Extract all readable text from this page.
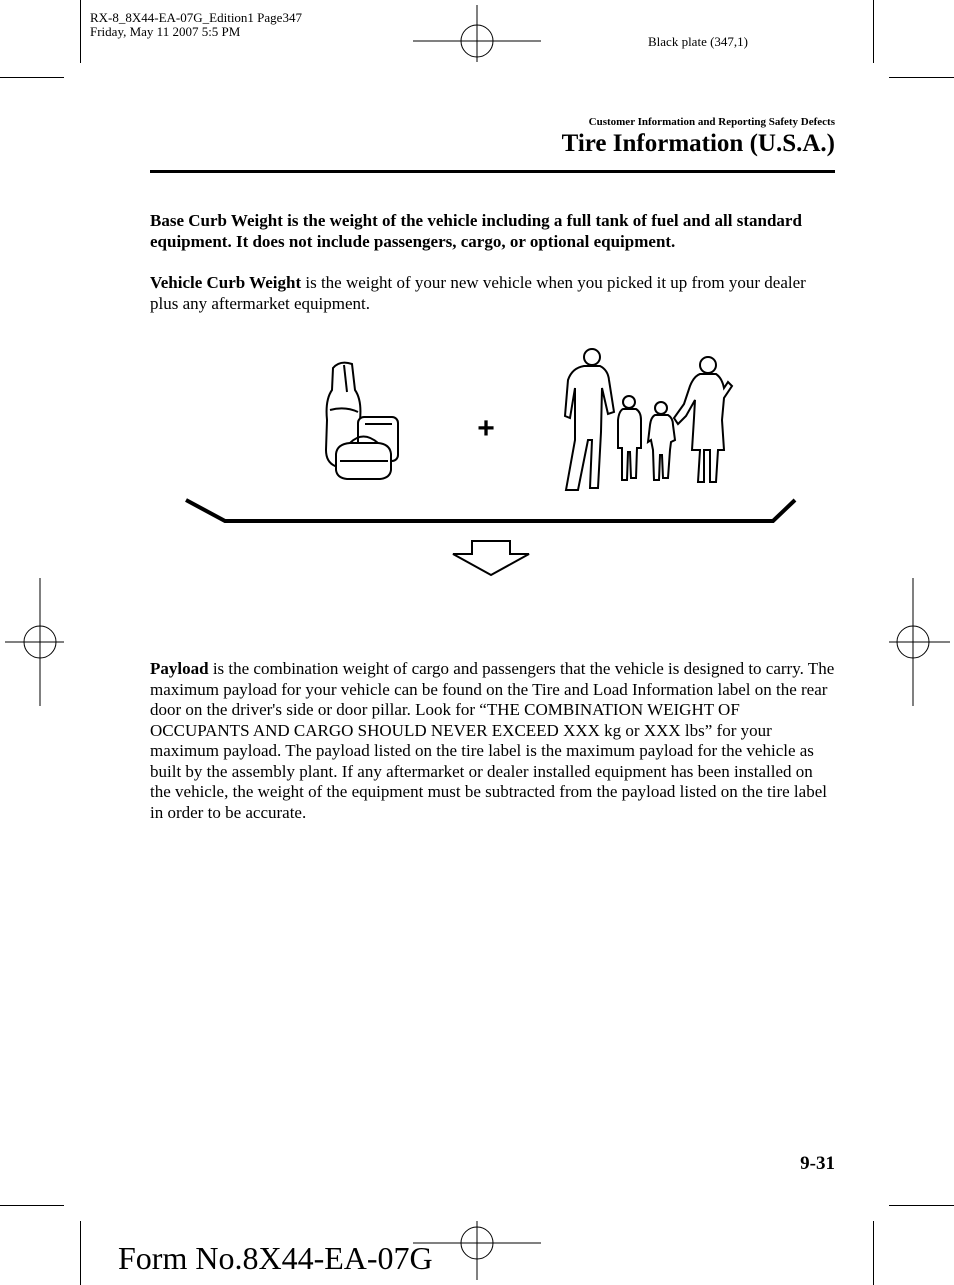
RX-8_8X44-EA-07G_Edition1 Page347
Friday, May 11 2007 5:5 PM
Black plate (347,1)
Customer Information and Reporting Safety Defects
Tire Information (U.S.A.)
Base Curb Weight is the weight of the vehicle including a full tank of fuel and all standard equipment. It does not include passengers, cargo, or optional equipment.
Vehicle Curb Weight is the weight of your new vehicle when you picked it up from your dealer plus any aftermarket equipment.
+
Payload is the combination weight of cargo and passengers that the vehicle is designed to carry. The maximum payload for your vehicle can be found on the Tire and Load Information label on the rear door on the driver's side or door pillar. Look for “THE COMBINATION WEIGHT OF OCCUPANTS AND CARGO SHOULD NEVER EXCEED XXX kg or XXX lbs” for your maximum payload. The payload listed on the tire label is the maximum payload for the vehicle as built by the assembly plant. If any aftermarket or dealer installed equipment has been installed on the vehicle, the weight of the equipment must be subtracted from the payload listed on the tire label in order to be accurate.
9-31
Form No.8X44-EA-07G
